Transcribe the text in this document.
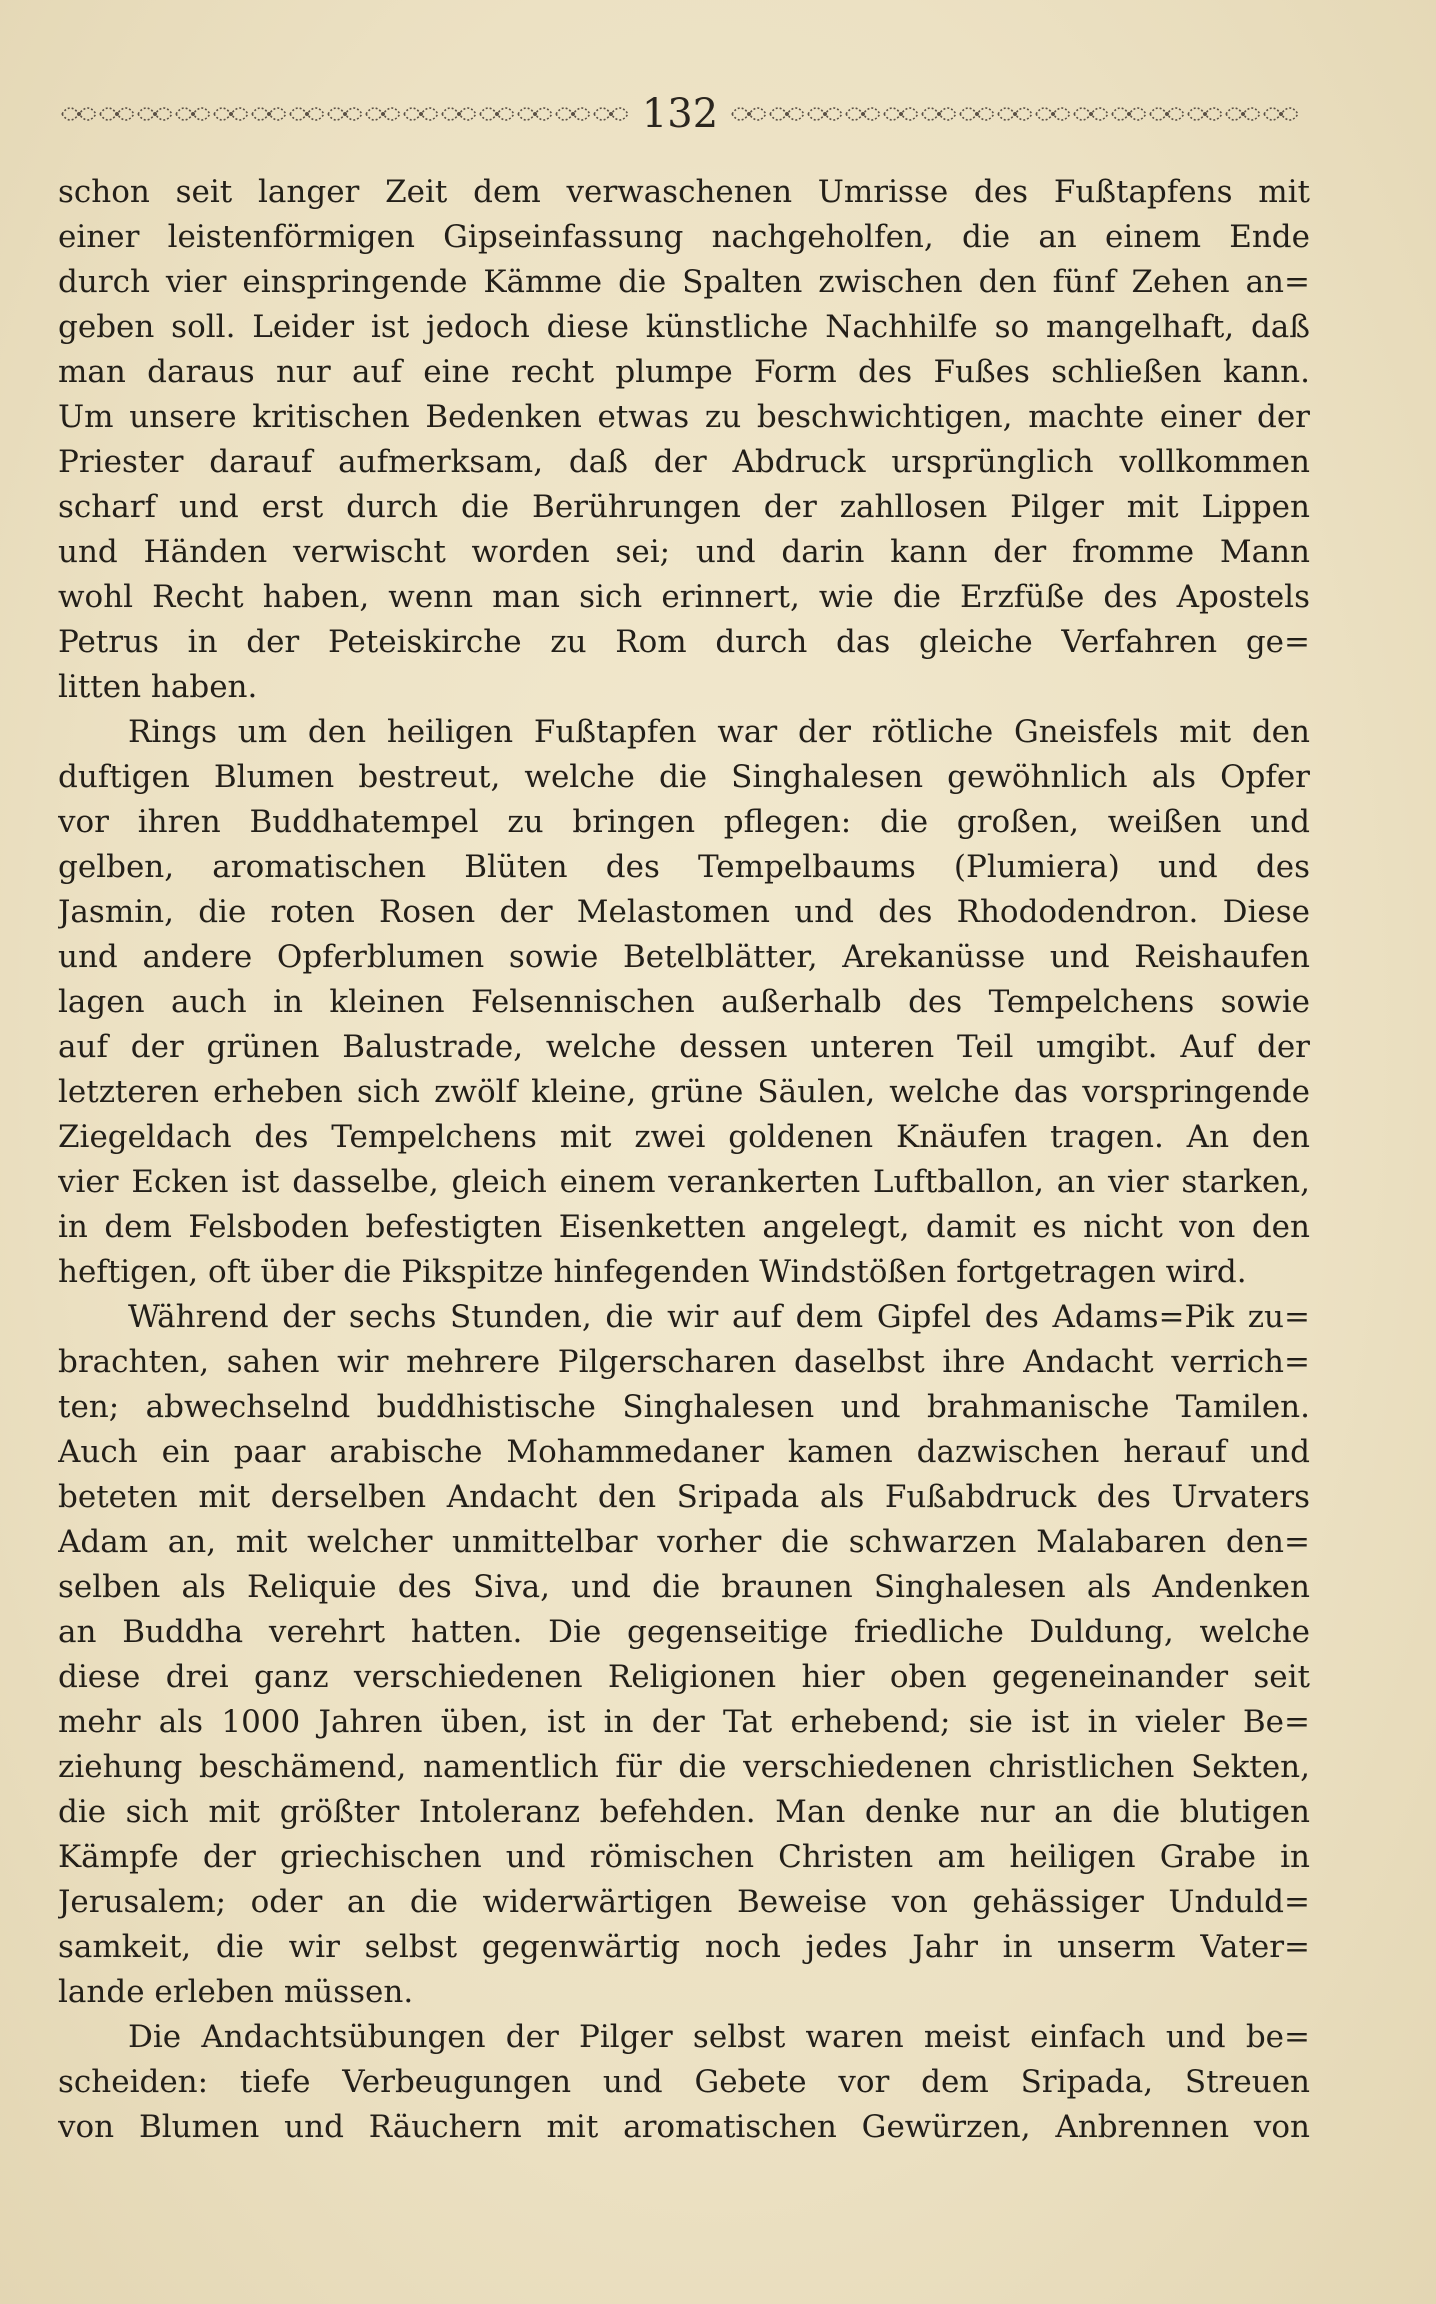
132
schon seit langer Zeit dem verwaschenen Umrisse des Fußtapfens mit
einer leistenförmigen Gipseinfassung nachgeholfen, die an einem Ende
durch vier einspringende Kämme die Spalten zwischen den fünf Zehen an=
geben soll. Leider ist jedoch diese künstliche Nachhilfe so mangelhaft, daß
man daraus nur auf eine recht plumpe Form des Fußes schließen kann.
Um unsere kritischen Bedenken etwas zu beschwichtigen, machte einer der
Priester darauf aufmerksam, daß der Abdruck ursprünglich vollkommen
scharf und erst durch die Berührungen der zahllosen Pilger mit Lippen
und Händen verwischt worden sei; und darin kann der fromme Mann
wohl Recht haben, wenn man sich erinnert, wie die Erzfüße des Apostels
Petrus in der Peteiskirche zu Rom durch das gleiche Verfahren ge=
litten haben.
Rings um den heiligen Fußtapfen war der rötliche Gneisfels mit den
duftigen Blumen bestreut, welche die Singhalesen gewöhnlich als Opfer
vor ihren Buddhatempel zu bringen pflegen: die großen, weißen und
gelben, aromatischen Blüten des Tempelbaums (Plumiera) und des
Jasmin, die roten Rosen der Melastomen und des Rhododendron. Diese
und andere Opferblumen sowie Betelblätter, Arekanüsse und Reishaufen
lagen auch in kleinen Felsennischen außerhalb des Tempelchens sowie
auf der grünen Balustrade, welche dessen unteren Teil umgibt. Auf der
letzteren erheben sich zwölf kleine, grüne Säulen, welche das vorspringende
Ziegeldach des Tempelchens mit zwei goldenen Knäufen tragen. An den
vier Ecken ist dasselbe, gleich einem verankerten Luftballon, an vier starken,
in dem Felsboden befestigten Eisenketten angelegt, damit es nicht von den
heftigen, oft über die Pikspitze hinfegenden Windstößen fortgetragen wird.
Während der sechs Stunden, die wir auf dem Gipfel des Adams=Pik zu=
brachten, sahen wir mehrere Pilgerscharen daselbst ihre Andacht verrich=
ten; abwechselnd buddhistische Singhalesen und brahmanische Tamilen.
Auch ein paar arabische Mohammedaner kamen dazwischen herauf und
beteten mit derselben Andacht den Sripada als Fußabdruck des Urvaters
Adam an, mit welcher unmittelbar vorher die schwarzen Malabaren den=
selben als Reliquie des Siva, und die braunen Singhalesen als Andenken
an Buddha verehrt hatten. Die gegenseitige friedliche Duldung, welche
diese drei ganz verschiedenen Religionen hier oben gegeneinander seit
mehr als 1000 Jahren üben, ist in der Tat erhebend; sie ist in vieler Be=
ziehung beschämend, namentlich für die verschiedenen christlichen Sekten,
die sich mit größter Intoleranz befehden. Man denke nur an die blutigen
Kämpfe der griechischen und römischen Christen am heiligen Grabe in
Jerusalem; oder an die widerwärtigen Beweise von gehässiger Unduld=
samkeit, die wir selbst gegenwärtig noch jedes Jahr in unserm Vater=
lande erleben müssen.
Die Andachtsübungen der Pilger selbst waren meist einfach und be=
scheiden: tiefe Verbeugungen und Gebete vor dem Sripada, Streuen
von Blumen und Räuchern mit aromatischen Gewürzen, Anbrennen von
